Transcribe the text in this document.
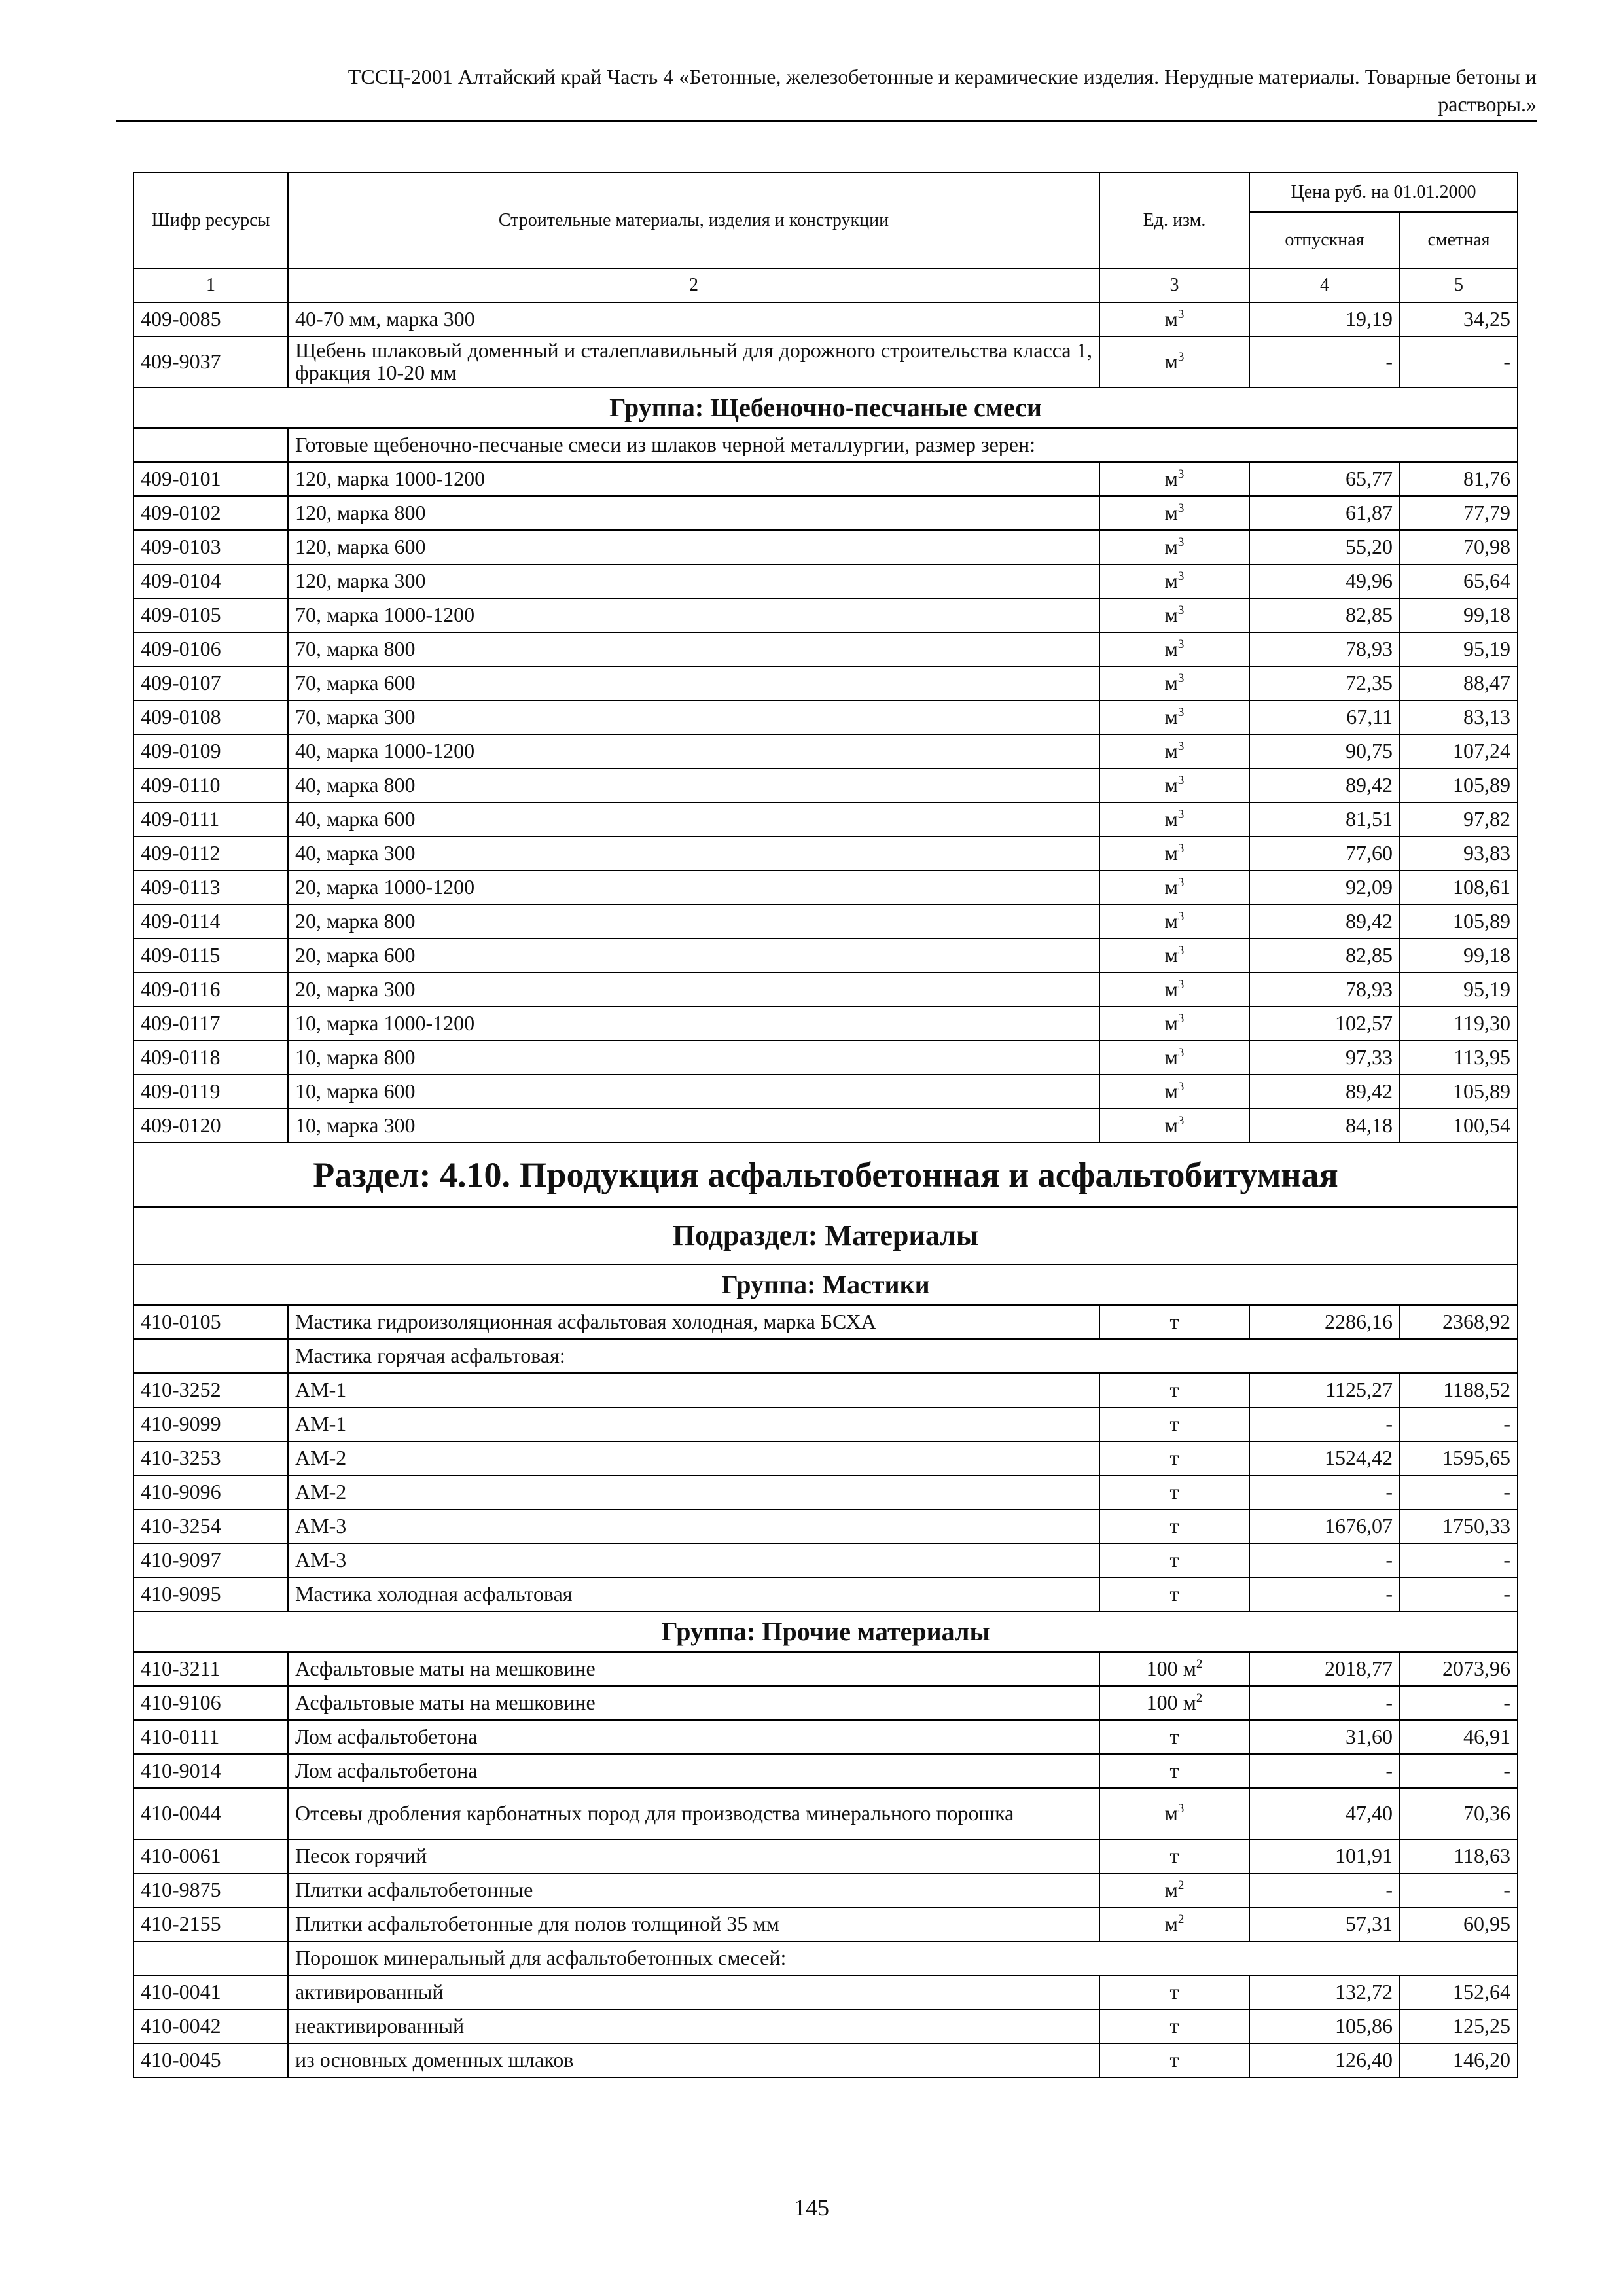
ТССЦ-2001 Алтайский край Часть 4 «Бетонные, железобетонные и керамические изделия. Нерудные материалы. Товарные бетоны и
растворы.»
Шифр ресурсы	Строительные материалы, изделия и конструкции	Ед. изм.	Цена руб. на 01.01.2000	
			отпускная	сметная
1	2	3	4	5
409-0085	40-70 мм, марка 300	$м^3$	19,19	34,25
409-9037	Щебень шлаковый доменный и сталеплавильный для дорожного строительства класса 1, фракция 10-20 мм	$м^3$	-	-
Группа: Щебеночно-песчаные смеси				
	Готовые щебеночно-песчаные смеси из шлаков черной металлургии, размер зерен:			
409-0101	120, марка 1000-1200	$м^3$	65,77	81,76
409-0102	120, марка 800	$м^3$	61,87	77,79
409-0103	120, марка 600	$м^3$	55,20	70,98
409-0104	120, марка 300	$м^3$	49,96	65,64
409-0105	70, марка 1000-1200	$м^3$	82,85	99,18
409-0106	70, марка 800	$м^3$	78,93	95,19
409-0107	70, марка 600	$м^3$	72,35	88,47
409-0108	70, марка 300	$м^3$	67,11	83,13
409-0109	40, марка 1000-1200	$м^3$	90,75	107,24
409-0110	40, марка 800	$м^3$	89,42	105,89
409-0111	40, марка 600	$м^3$	81,51	97,82
409-0112	40, марка 300	$м^3$	77,60	93,83
409-0113	20, марка 1000-1200	$м^3$	92,09	108,61
409-0114	20, марка 800	$м^3$	89,42	105,89
409-0115	20, марка 600	$м^3$	82,85	99,18
409-0116	20, марка 300	$м^3$	78,93	95,19
409-0117	10, марка 1000-1200	$м^3$	102,57	119,30
409-0118	10, марка 800	$м^3$	97,33	113,95
409-0119	10, марка 600	$м^3$	89,42	105,89
409-0120	10, марка 300	$м^3$	84,18	100,54
Раздел: 4.10. Продукция асфальтобетонная и асфальтобитумная				
Подраздел: Материалы				
Группа: Мастики				
410-0105	Мастика гидроизоляционная асфальтовая холодная, марка БСХА	т	2286,16	2368,92
	Мастика горячая асфальтовая:			
410-3252	АМ-1	т	1125,27	1188,52
410-9099	АМ-1	т	-	-
410-3253	АМ-2	т	1524,42	1595,65
410-9096	АМ-2	т	-	-
410-3254	АМ-3	т	1676,07	1750,33
410-9097	АМ-3	т	-	-
410-9095	Мастика холодная асфальтовая	т	-	-
Группа: Прочие материалы				
410-3211	Асфальтовые маты на мешковине	100 $м^2$	2018,77	2073,96
410-9106	Асфальтовые маты на мешковине	100 $м^2$	-	-
410-0111	Лом асфальтобетона	т	31,60	46,91
410-9014	Лом асфальтобетона	т	-	-
410-0044	Отсевы дробления карбонатных пород для производства минерального порошка	$м^3$	47,40	70,36
410-0061	Песок горячий	т	101,91	118,63
410-9875	Плитки асфальтобетонные	$м^2$	-	-
410-2155	Плитки асфальтобетонные для полов толщиной 35 мм	$м^2$	57,31	60,95
	Порошок минеральный для асфальтобетонных смесей:			
410-0041	активированный	т	132,72	152,64
410-0042	неактивированный	т	105,86	125,25
410-0045	из основных доменных шлаков	т	126,40	146,20
145
